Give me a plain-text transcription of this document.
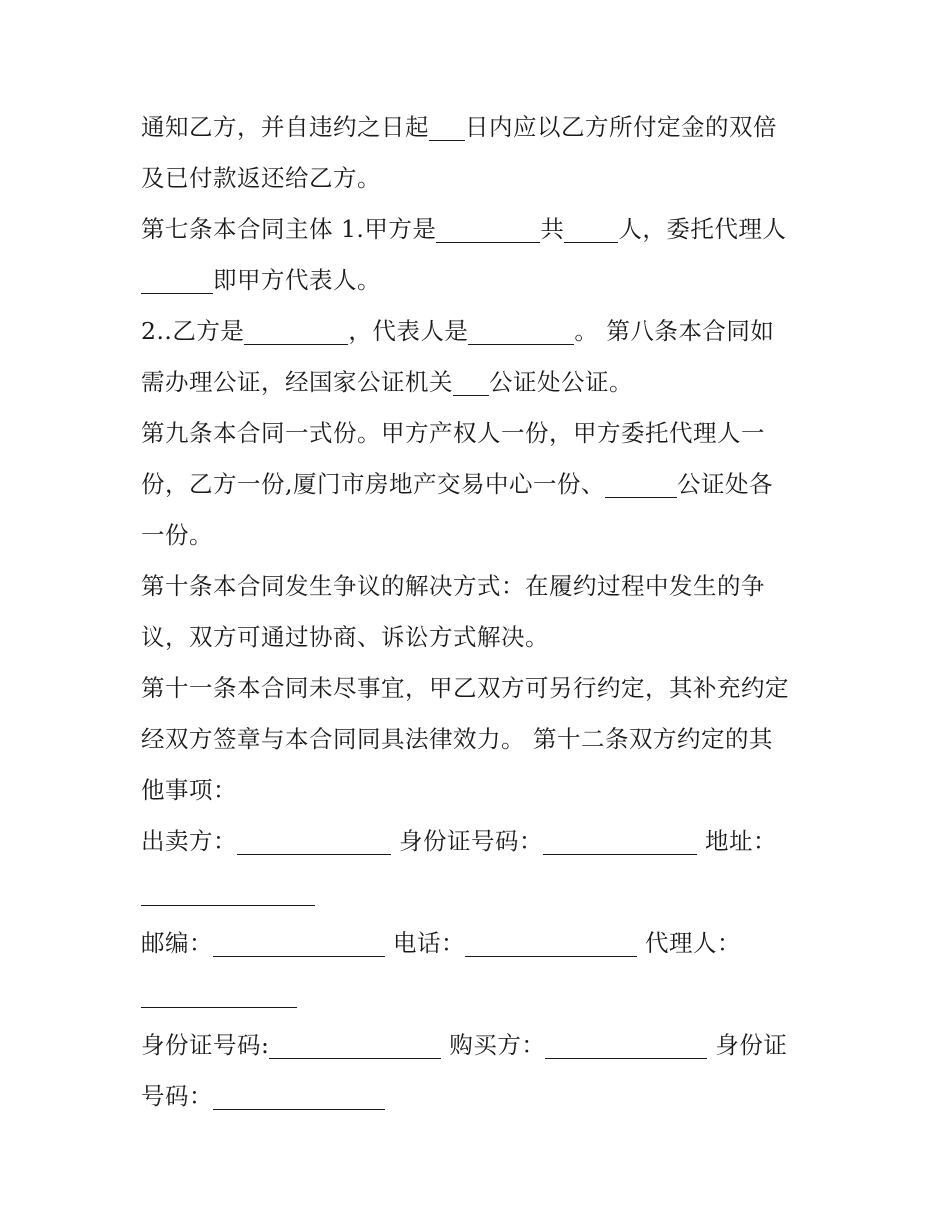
通知乙方，并自违约之日起 日内应以乙方所付定金的双倍
及已付款返还给乙方。
第七条本合同主体 1.甲方是	共 人，委托代理人
即甲方代表人。
2..乙方是	，代表人是	。 第八条本合同如
需办理公证，经国家公证机关 公证处公证。
第九条本合同一式份。甲方产权人一份，甲方委托代理人一
份，乙方一份,厦门市房地产交易中心一份、	公证处各
一份。
第十条本合同发生争议的解决方式：在履约过程中发生的争
议，双方可通过协商、诉讼方式解决。
第十一条本合同未尽事宜，甲乙双方可另行约定，其补充约定
经双方签章与本合同同具法律效力。 第十二条双方约定的其
他事项：
出卖方：	身份证号码：	地址：
邮编：	电话：	代理人：
身份证号码:	购买方：	身份证
号码：
